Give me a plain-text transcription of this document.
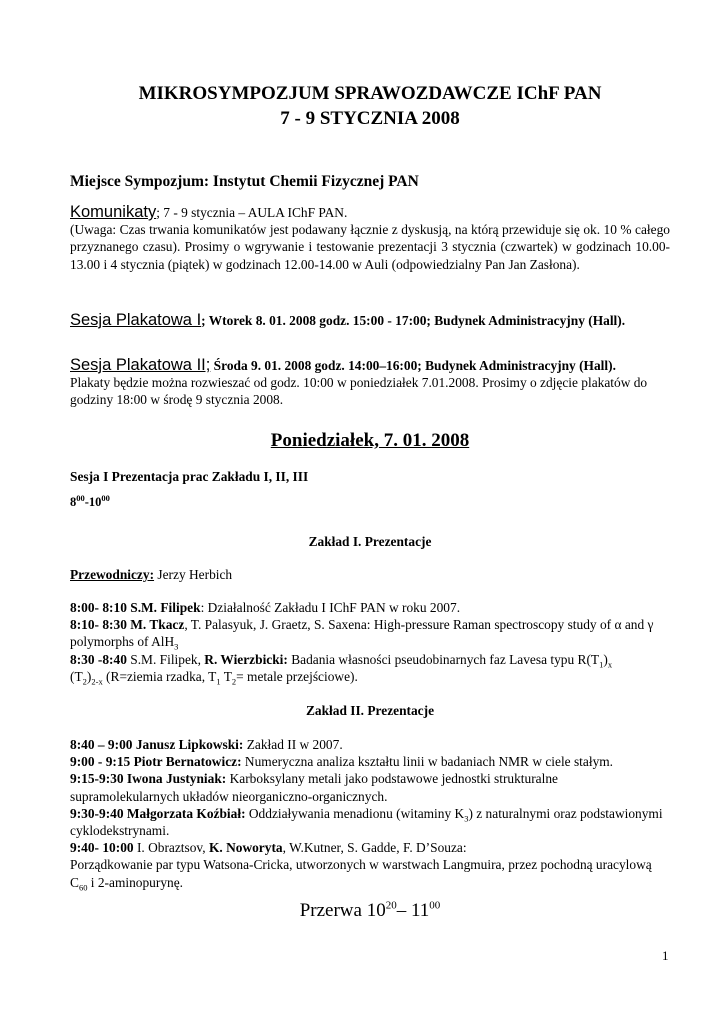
MIKROSYMPOZJUM SPRAWOZDAWCZE IChF PAN
7 - 9 STYCZNIA 2008
Miejsce Sympozjum: Instytut Chemii Fizycznej PAN

Komunikaty; 7 - 9 stycznia – AULA IChF PAN.

(Uwaga: Czas trwania komunikatów jest podawany łącznie z dyskusją, na którą przewiduje się ok. 10 % całego przyznanego czasu). Prosimy o wgrywanie i testowanie prezentacji 3 stycznia (czwartek) w godzinach 10.00-13.00 i 4 stycznia (piątek) w godzinach 12.00-14.00 w Auli (odpowiedzialny Pan Jan Zasłona).

Sesja Plakatowa I; Wtorek 8. 01. 2008 godz. 15:00 - 17:00; Budynek Administracyjny (Hall).

Sesja Plakatowa II; Środa 9. 01. 2008 godz. 14:00–16:00; Budynek Administracyjny (Hall).

Plakaty będzie można rozwieszać od godz. 10:00 w poniedziałek 7.01.2008. Prosimy o zdjęcie plakatów do godziny 18:00 w środę 9 stycznia 2008.

Poniedziałek, 7. 01. 2008
Sesja I Prezentacja prac Zakładu I, II, III
$8^{00}-10^{00}$
Zakład I. Prezentacje
Przewodniczy: Jerzy Herbich

8:00- 8:10 S.M. Filipek: Działalność Zakładu I IChF PAN w roku 2007.

8:10- 8:30 M. Tkacz, T. Palasyuk, J. Graetz, S. Saxena: High-pressure Raman spectroscopy study of α and γ polymorphs of AlH$_3$

8:30 -8:40 S.M. Filipek, R. Wierzbicki: Badania własności pseudobinarnych faz Lavesa typu $R(T_1)_x$
$(T_2)_{2-x}$ (R=ziemia rzadka, $T_1$ $T_2=$ metale przejściowe).

Zakład II. Prezentacje

8:40 – 9:00 Janusz Lipkowski: Zakład II w 2007.

9:00 - 9:15 Piotr Bernatowicz: Numeryczna analiza kształtu linii w badaniach NMR w ciele stałym.

9:15-9:30 Iwona Justyniak: Karboksylany metali jako podstawowe jednostki strukturalne supramolekularnych układów nieorganiczno-organicznych.

9:30-9:40 Małgorzata Koźbiał: Oddziaływania menadionu (witaminy $K_3$) z naturalnymi oraz podstawionymi cyklodekstrynami.

9:40- 10:00 I. Obraztsov, K. Noworyta, W.Kutner, S. Gadde, F. D’Souza:
Porządkowanie par typu Watsona-Cricka, utworzonych w warstwach Langmuira, przez pochodną uracylową $C_{60}$ i 2-aminopurynę.

Przerwa $10^{20}-$ $11^{00}$
1
